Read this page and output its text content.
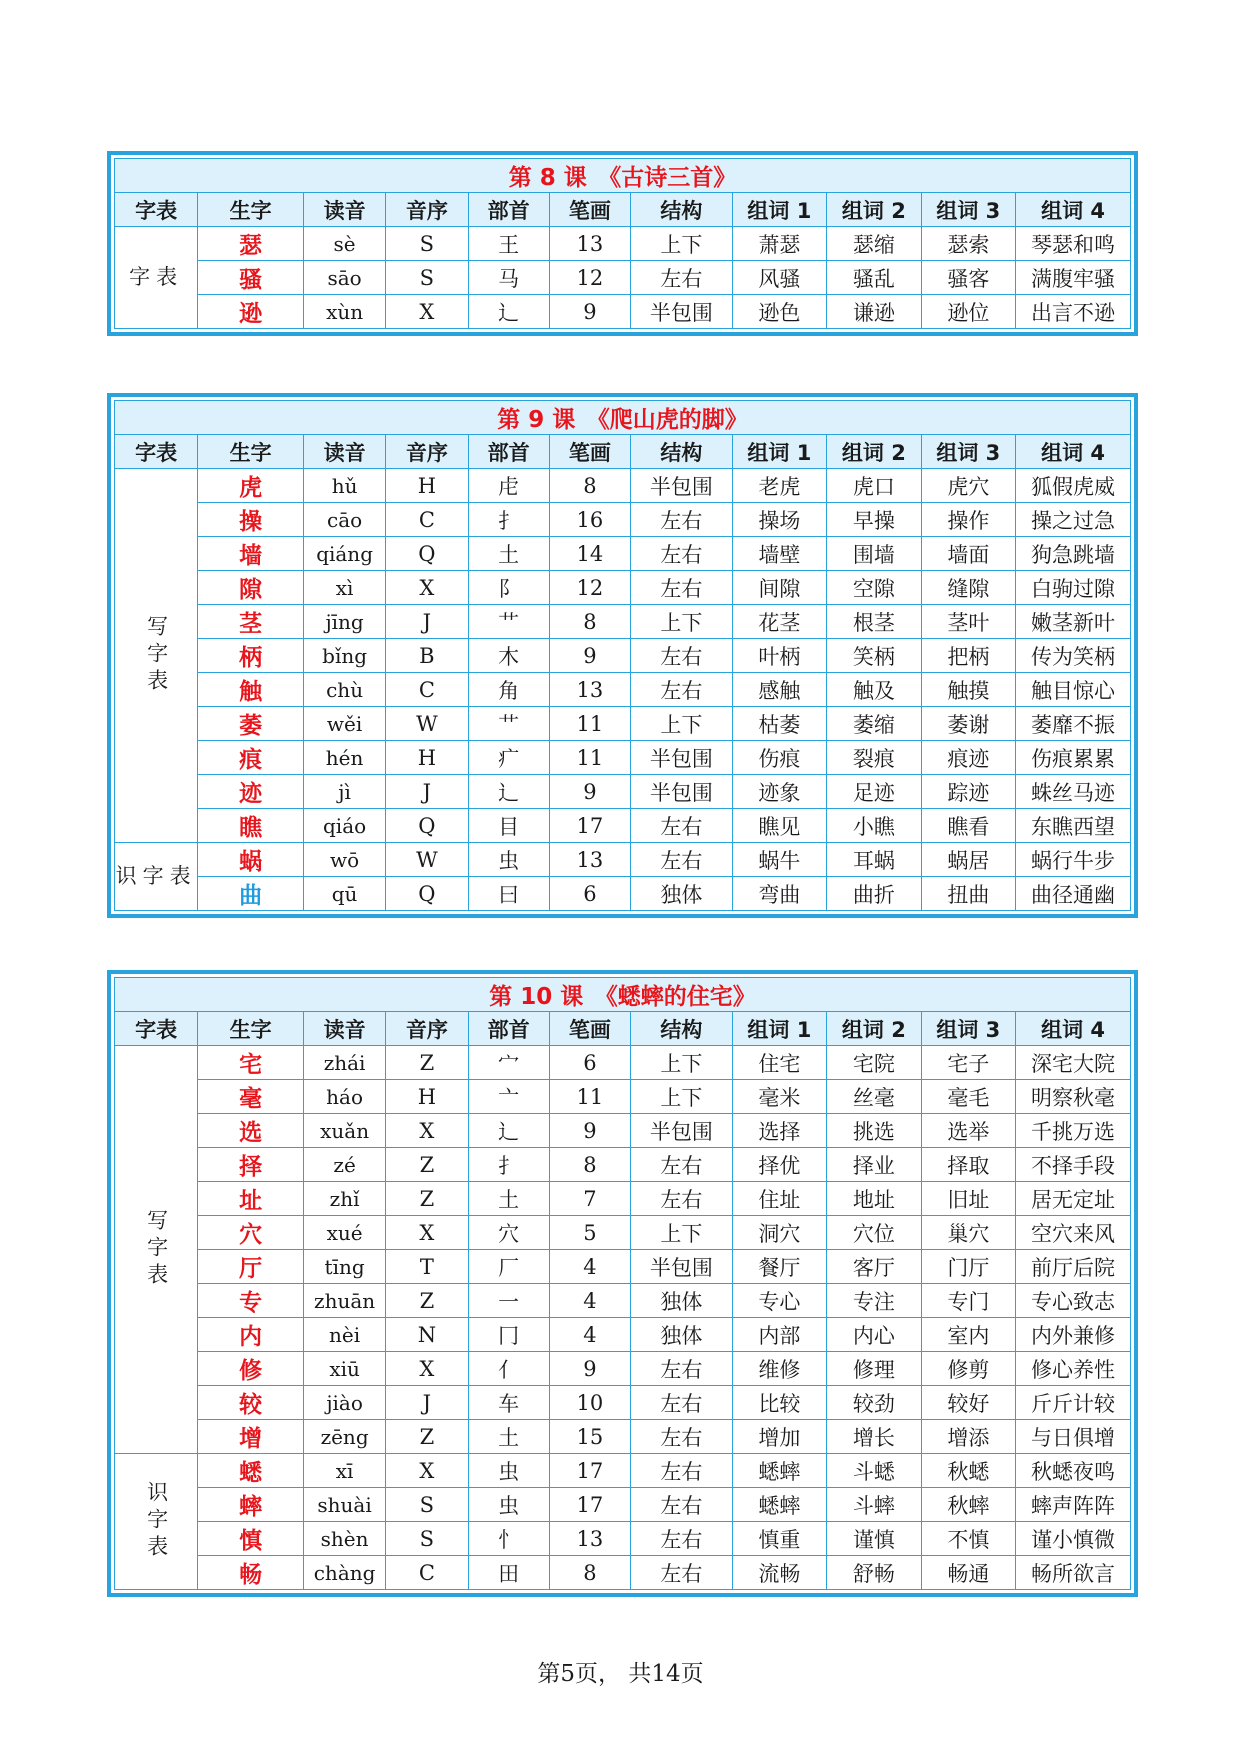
第 8 课　《古诗三首》										
字表	生字	读音	音序	部首	笔画	结构	组词 1	组词 2	组词 3	组词 4
字表	瑟	sè	S	王	13	上下	萧瑟	瑟缩	瑟索	琴瑟和鸣
	骚	sāo	S	马	12	左右	风骚	骚乱	骚客	满腹牢骚
	逊	xùn	X	辶	9	半包围	逊色	谦逊	逊位	出言不逊
第 9 课　《爬山虎的脚》										
字表	生字	读音	音序	部首	笔画	结构	组词 1	组词 2	组词 3	组词 4
写字表	虎	hǔ	H	虍	8	半包围	老虎	虎口	虎穴	狐假虎威
	操	cāo	C	扌	16	左右	操场	早操	操作	操之过急
	墙	qiáng	Q	土	14	左右	墙壁	围墙	墙面	狗急跳墙
	隙	xì	X	阝	12	左右	间隙	空隙	缝隙	白驹过隙
	茎	jīng	J	艹	8	上下	花茎	根茎	茎叶	嫩茎新叶
	柄	bǐng	B	木	9	左右	叶柄	笑柄	把柄	传为笑柄
	触	chù	C	角	13	左右	感触	触及	触摸	触目惊心
	萎	wěi	W	艹	11	上下	枯萎	萎缩	萎谢	萎靡不振
	痕	hén	H	疒	11	半包围	伤痕	裂痕	痕迹	伤痕累累
	迹	jì	J	辶	9	半包围	迹象	足迹	踪迹	蛛丝马迹
	瞧	qiáo	Q	目	17	左右	瞧见	小瞧	瞧看	东瞧西望
识字表	蜗	wō	W	虫	13	左右	蜗牛	耳蜗	蜗居	蜗行牛步
	曲	qū	Q	曰	6	独体	弯曲	曲折	扭曲	曲径通幽
第 10 课　《蟋蟀的住宅》										
字表	生字	读音	音序	部首	笔画	结构	组词 1	组词 2	组词 3	组词 4
写字表	宅	zhái	Z	宀	6	上下	住宅	宅院	宅子	深宅大院
	毫	háo	H	亠	11	上下	毫米	丝毫	毫毛	明察秋毫
	选	xuǎn	X	辶	9	半包围	选择	挑选	选举	千挑万选
	择	zé	Z	扌	8	左右	择优	择业	择取	不择手段
	址	zhǐ	Z	土	7	左右	住址	地址	旧址	居无定址
	穴	xué	X	穴	5	上下	洞穴	穴位	巢穴	空穴来风
	厅	tīng	T	厂	4	半包围	餐厅	客厅	门厅	前厅后院
	专	zhuān	Z	一	4	独体	专心	专注	专门	专心致志
	内	nèi	N	冂	4	独体	内部	内心	室内	内外兼修
	修	xiū	X	亻	9	左右	维修	修理	修剪	修心养性
	较	jiào	J	车	10	左右	比较	较劲	较好	斤斤计较
	增	zēng	Z	土	15	左右	增加	增长	增添	与日俱增
识字表	蟋	xī	X	虫	17	左右	蟋蟀	斗蟋	秋蟋	秋蟋夜鸣
	蟀	shuài	S	虫	17	左右	蟋蟀	斗蟀	秋蟀	蟀声阵阵
	慎	shèn	S	忄	13	左右	慎重	谨慎	不慎	谨小慎微
	畅	chàng	C	田	8	左右	流畅	舒畅	畅通	畅所欲言
第5页， 共14页
